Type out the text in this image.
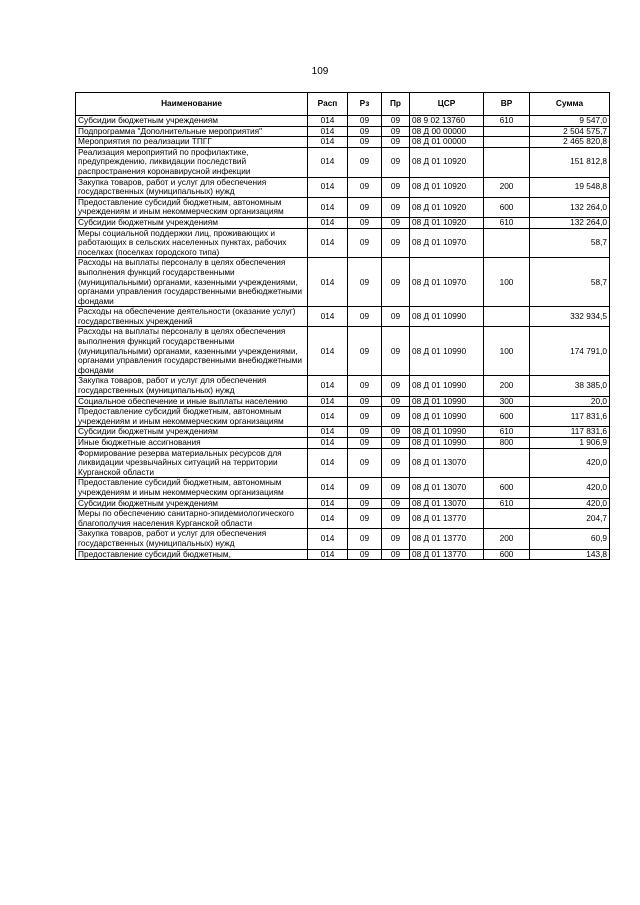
109
Наименование	Расп	Рз	Пр	ЦСР	ВР	Сумма
Субсидии бюджетным учреждениям	014	09	09	08 9 02 13760	610	9 547,0
Подпрограмма "Дополнительные мероприятия"	014	09	09	08 Д 00 00000		2 504 575,7
Мероприятия по реализации ТПГГ	014	09	09	08 Д 01 00000		2 465 820,8
Реализация мероприятий по профилактике, предупреждению, ликвидации последствий распространения коронавирусной инфекции	014	09	09	08 Д 01 10920		151 812,8
Закупка товаров, работ и услуг для обеспечения государственных (муниципальных) нужд	014	09	09	08 Д 01 10920	200	19 548,8
Предоставление субсидий бюджетным, автономным учреждениям и иным некоммерческим организациям	014	09	09	08 Д 01 10920	600	132 264,0
Субсидии бюджетным учреждениям	014	09	09	08 Д 01 10920	610	132 264,0
Меры социальной поддержки лиц, проживающих и работающих в сельских населенных пунктах, рабочих поселках (поселках городского типа)	014	09	09	08 Д 01 10970		58,7
Расходы на выплаты персоналу в целях обеспечения выполнения функций государственными (муниципальными) органами, казенными учреждениями, органами управления государственными внебюджетными фондами	014	09	09	08 Д 01 10970	100	58,7
Расходы на обеспечение деятельности (оказание услуг) государственных учреждений	014	09	09	08 Д 01 10990		332 934,5
Расходы на выплаты персоналу в целях обеспечения выполнения функций государственными (муниципальными) органами, казенными учреждениями, органами управления государственными внебюджетными фондами	014	09	09	08 Д 01 10990	100	174 791,0
Закупка товаров, работ и услуг для обеспечения государственных (муниципальных) нужд	014	09	09	08 Д 01 10990	200	38 385,0
Социальное обеспечение и иные выплаты населению	014	09	09	08 Д 01 10990	300	20,0
Предоставление субсидий бюджетным, автономным учреждениям и иным некоммерческим организациям	014	09	09	08 Д 01 10990	600	117 831,6
Субсидии бюджетным учреждениям	014	09	09	08 Д 01 10990	610	117 831,6
Иные бюджетные ассигнования	014	09	09	08 Д 01 10990	800	1 906,9
Формирование резерва материальных ресурсов для ликвидации чрезвычайных ситуаций на территории Курганской области	014	09	09	08 Д 01 13070		420,0
Предоставление субсидий бюджетным, автономным учреждениям и иным некоммерческим организациям	014	09	09	08 Д 01 13070	600	420,0
Субсидии бюджетным учреждениям	014	09	09	08 Д 01 13070	610	420,0
Меры по обеспечению санитарно-эпидемиологического благополучия населения Курганской области	014	09	09	08 Д 01 13770		204,7
Закупка товаров, работ и услуг для обеспечения государственных (муниципальных) нужд	014	09	09	08 Д 01 13770	200	60,9
Предоставление субсидий бюджетным,	014	09	09	08 Д 01 13770	600	143,8
